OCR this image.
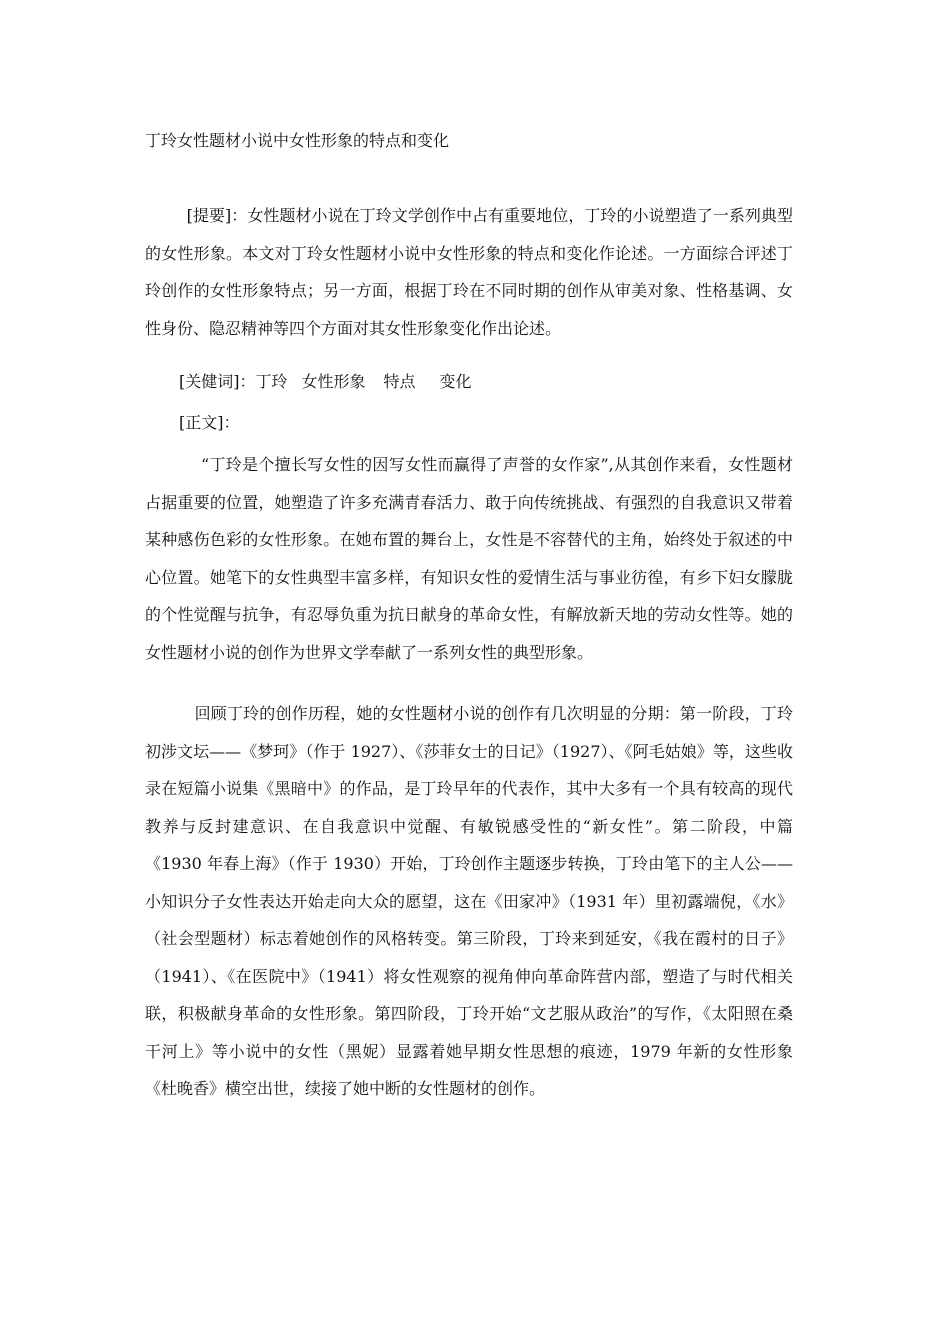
丁玲女性题材小说中女性形象的特点和变化
[提要]：女性题材小说在丁玲文学创作中占有重要地位，丁玲的小说塑造了一系列典型的女性形象。本文对丁玲女性题材小说中女性形象的特点和变化作论述。一方面综合评述丁玲创作的女性形象特点；另一方面，根据丁玲在不同时期的创作从审美对象、性格基调、女性身份、隐忍精神等四个方面对其女性形象变化作出论述。
[关健词]：丁玲 女性形象 特点 变化
[正文]：
“丁玲是个擅长写女性的因写女性而赢得了声誉的女作家”,从其创作来看，女性题材占据重要的位置，她塑造了许多充满青春活力、敢于向传统挑战、有强烈的自我意识又带着某种感伤色彩的女性形象。在她布置的舞台上，女性是不容替代的主角，始终处于叙述的中心位置。她笔下的女性典型丰富多样，有知识女性的爱情生活与事业彷徨，有乡下妇女朦胧的个性觉醒与抗争，有忍辱负重为抗日献身的革命女性，有解放新天地的劳动女性等。她的女性题材小说的创作为世界文学奉献了一系列女性的典型形象。
回顾丁玲的创作历程，她的女性题材小说的创作有几次明显的分期：第一阶段，丁玲初涉文坛——《梦珂》（作于 1927）、《莎菲女士的日记》（1927）、《阿毛姑娘》等，这些收录在短篇小说集《黑暗中》的作品，是丁玲早年的代表作，其中大多有一个具有较高的现代教养与反封建意识、在自我意识中觉醒、有敏锐感受性的“新女性”。第二阶段，中篇《1930 年春上海》（作于 1930）开始，丁玲创作主题逐步转换，丁玲由笔下的主人公——小知识分子女性表达开始走向大众的愿望，这在《田家冲》（1931 年）里初露端倪，《水》（社会型题材）标志着她创作的风格转变。第三阶段，丁玲来到延安，《我在霞村的日子》（1941）、《在医院中》（1941）将女性观察的视角伸向革命阵营内部，塑造了与时代相关联，积极献身革命的女性形象。第四阶段，丁玲开始“文艺服从政治”的写作，《太阳照在桑干河上》等小说中的女性（黑妮）显露着她早期女性思想的痕迹，1979 年新的女性形象《杜晚香》横空出世，续接了她中断的女性题材的创作。
